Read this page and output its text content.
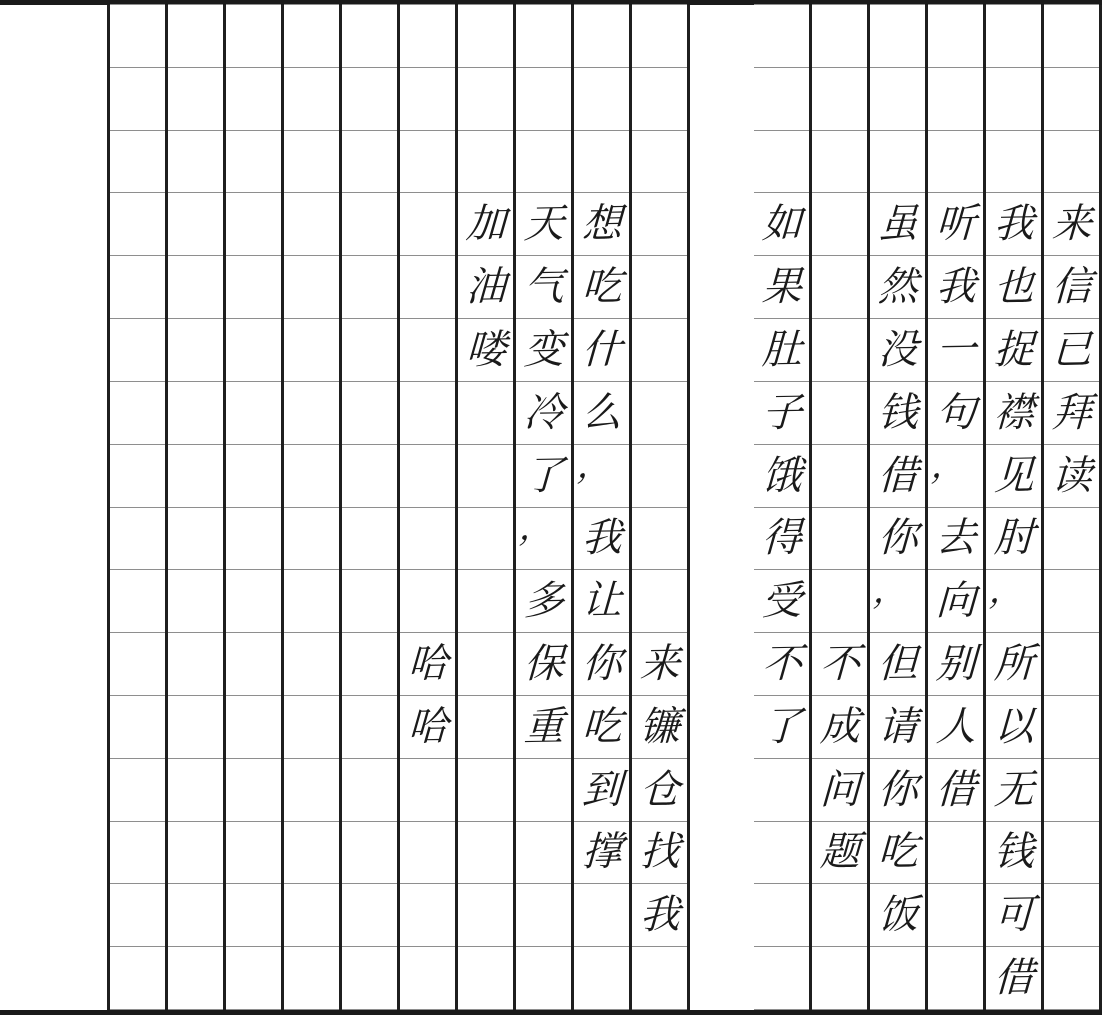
来
信
已
拜
读
我
也
捉
襟
见
肘
，
所
以
无
钱
可
借
听
我
一
句
，
去
向
别
人
借
虽
然
没
钱
借
你
，
但
请
你
吃
饭
不
成
问
题
如
果
肚
子
饿
得
受
不
了
来
镰
仓
找
我
想
吃
什
么
，
我
让
你
吃
到
撑
天
气
变
冷
了
，
多
保
重
加
油
喽
哈
哈
